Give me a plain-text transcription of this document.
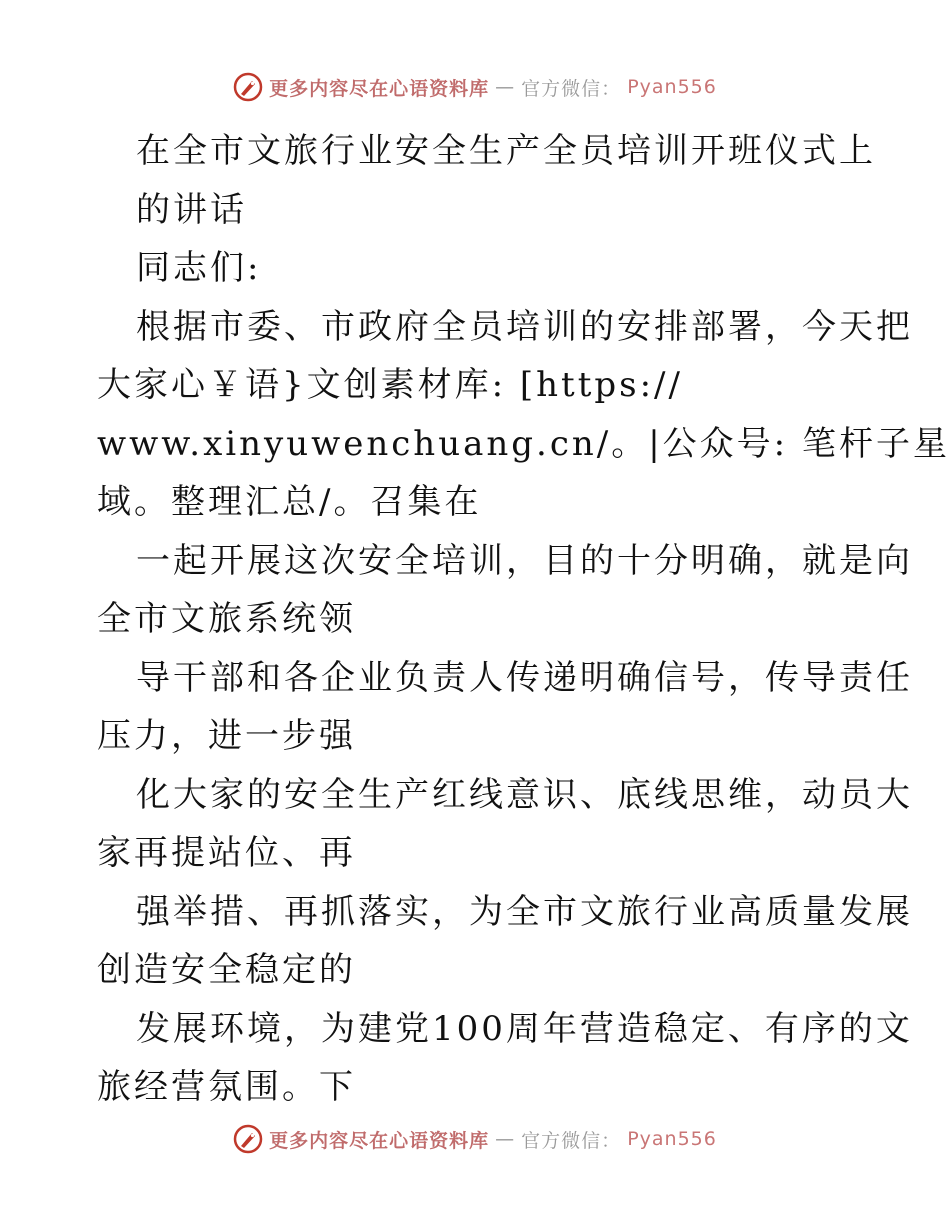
更多内容尽在心语资料库 — 官方微信： Pyan556
在全市文旅行业安全生产全员培训开班仪式上
的讲话
同志们:
根据市委、市政府全员培训的安排部署，今天把
大家心￥语}文创素材库: [https://
www.xinyuwenchuang.cn/。|公众号: 笔杆子星
域。整理汇总/。召集在
一起开展这次安全培训，目的十分明确，就是向
全市文旅系统领
导干部和各企业负责人传递明确信号，传导责任
压力，进一步强
化大家的安全生产红线意识、底线思维，动员大
家再提站位、再
强举措、再抓落实，为全市文旅行业高质量发展
创造安全稳定的
发展环境，为建党100周年营造稳定、有序的文
旅经营氛围。下
更多内容尽在心语资料库 — 官方微信： Pyan556
